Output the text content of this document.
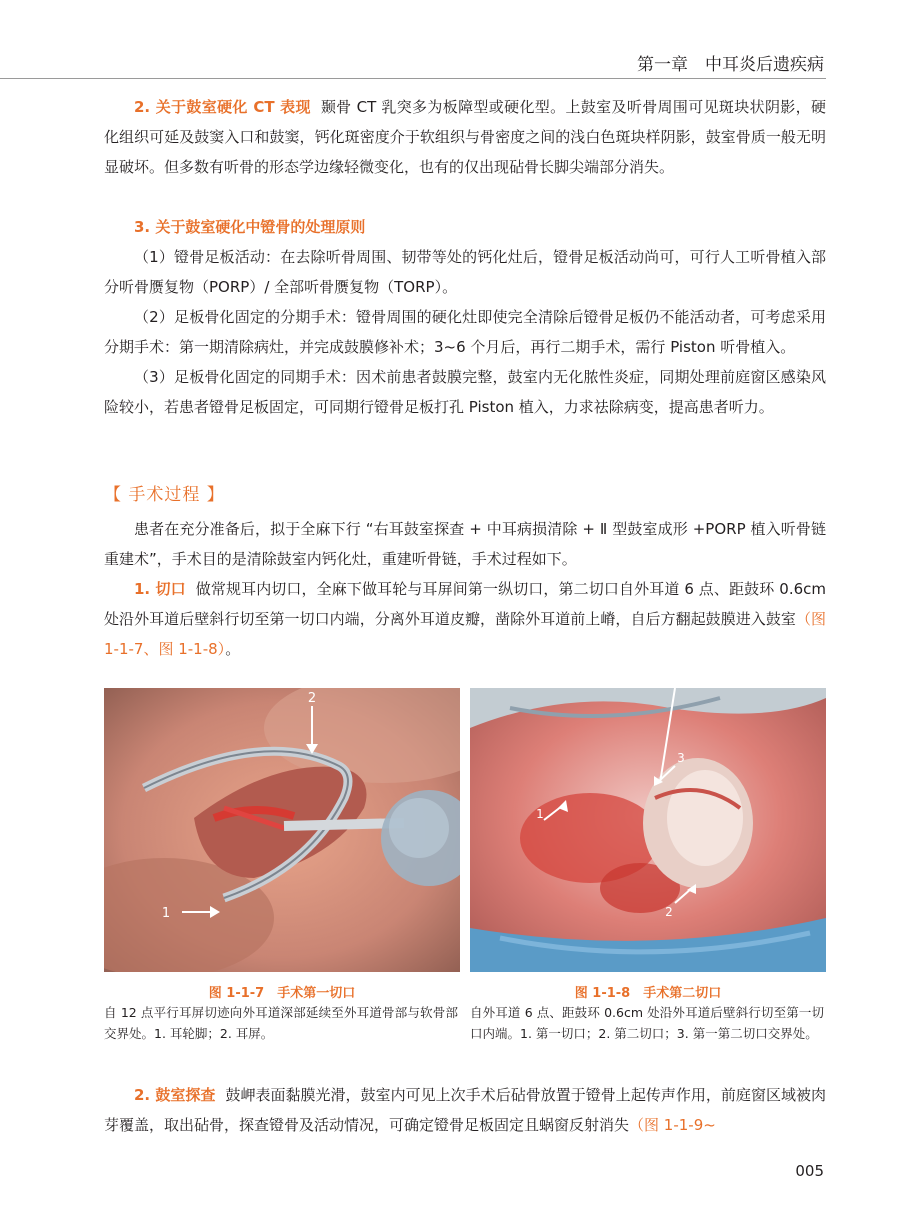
第一章　中耳炎后遗疾病

2. 关于鼓室硬化 CT 表现 颞骨 CT 乳突多为板障型或硬化型。上鼓室及听骨周围可见斑块状阴影，硬化组织可延及鼓窦入口和鼓窦，钙化斑密度介于软组织与骨密度之间的浅白色斑块样阴影，鼓室骨质一般无明显破坏。但多数有听骨的形态学边缘轻微变化，也有的仅出现砧骨长脚尖端部分消失。

3. 关于鼓室硬化中镫骨的处理原则

（1）镫骨足板活动：在去除听骨周围、韧带等处的钙化灶后，镫骨足板活动尚可，可行人工听骨植入部分听骨赝复物（PORP）/ 全部听骨赝复物（TORP）。

（2）足板骨化固定的分期手术：镫骨周围的硬化灶即使完全清除后镫骨足板仍不能活动者，可考虑采用分期手术：第一期清除病灶，并完成鼓膜修补术；3~6 个月后，再行二期手术，需行 Piston 听骨植入。

（3）足板骨化固定的同期手术：因术前患者鼓膜完整，鼓室内无化脓性炎症，同期处理前庭窗区感染风险较小，若患者镫骨足板固定，可同期行镫骨足板打孔 Piston 植入，力求祛除病变，提高患者听力。

【 手术过程 】

患者在充分准备后，拟于全麻下行 “右耳鼓室探查 + 中耳病损清除 + Ⅱ 型鼓室成形 +PORP 植入听骨链重建术”，手术目的是清除鼓室内钙化灶，重建听骨链，手术过程如下。

1. 切口 做常规耳内切口，全麻下做耳轮与耳屏间第一纵切口，第二切口自外耳道 6 点、距鼓环 0.6cm 处沿外耳道后壁斜行切至第一切口内端，分离外耳道皮瓣，凿除外耳道前上嵴，自后方翻起鼓膜进入鼓室（图 1-1-7、图 1-1-8）。

2
1
1
3
2
图 1-1-7　手术第一切口
自 12 点平行耳屏切迹向外耳道深部延续至外耳道骨部与软骨部交界处。1. 耳轮脚；2. 耳屏。
图 1-1-8　手术第二切口
自外耳道 6 点、距鼓环 0.6cm 处沿外耳道后壁斜行切至第一切口内端。1. 第一切口；2. 第二切口；3. 第一第二切口交界处。

2. 鼓室探查 鼓岬表面黏膜光滑，鼓室内可见上次手术后砧骨放置于镫骨上起传声作用，前庭窗区域被肉芽覆盖，取出砧骨，探查镫骨及活动情况，可确定镫骨足板固定且蜗窗反射消失（图 1-1-9~

005
